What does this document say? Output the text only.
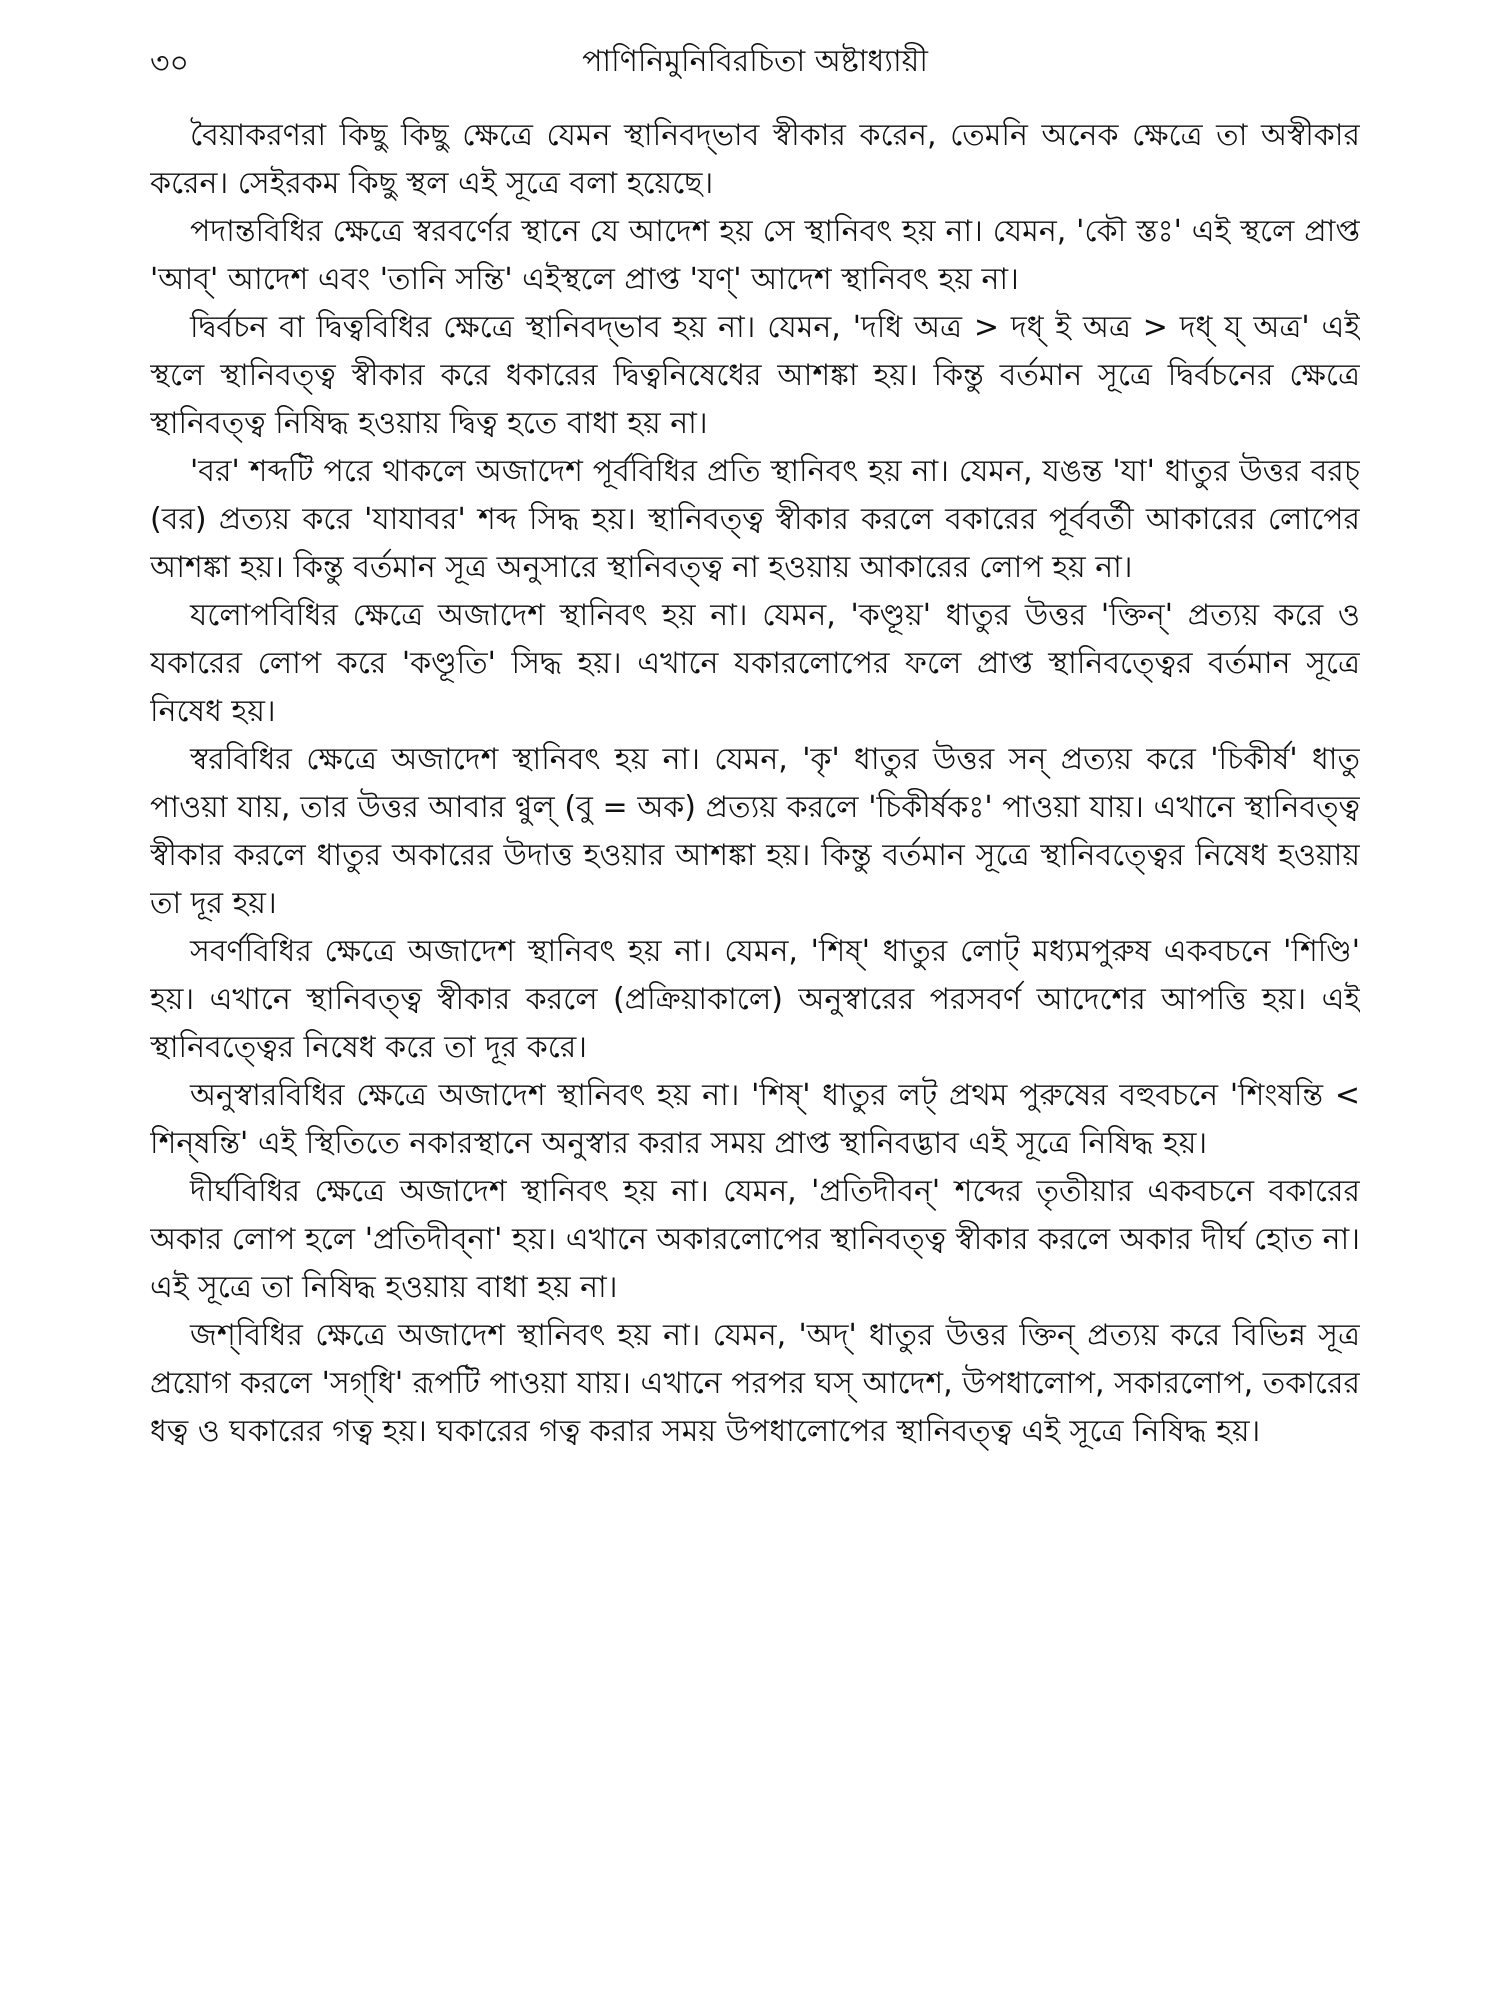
৩০	পাণিনিমুনিবিরচিতা অষ্টাধ্যায়ী

বৈয়াকরণরা কিছু কিছু ক্ষেত্রে যেমন স্থানিবদ্‌ভাব স্বীকার করেন, তেমনি অনেক ক্ষেত্রে তা অস্বীকার করেন। সেইরকম কিছু স্থল এই সূত্রে বলা হয়েছে।

পদান্তবিধির ক্ষেত্রে স্বরবর্ণের স্থানে যে আদেশ হয় সে স্থানিবৎ হয় না। যেমন, 'কৌ স্তঃ' এই স্থলে প্রাপ্ত 'আব্' আদেশ এবং 'তানি সন্তি' এইস্থলে প্রাপ্ত 'যণ্' আদেশ স্থানিবৎ হয় না।

দ্বির্বচন বা দ্বিত্ববিধির ক্ষেত্রে স্থানিবদ্‌ভাব হয় না। যেমন, 'দধি অত্র > দধ্ ই অত্র > দধ্ য্ অত্র' এই স্থলে স্থানিবত্ত্ব স্বীকার করে ধকারের দ্বিত্বনিষেধের আশঙ্কা হয়। কিন্তু বর্তমান সূত্রে দ্বির্বচনের ক্ষেত্রে স্থানিবত্ত্ব নিষিদ্ধ হওয়ায় দ্বিত্ব হতে বাধা হয় না।

'বর' শব্দটি পরে থাকলে অজাদেশ পূর্ববিধির প্রতি স্থানিবৎ হয় না। যেমন, যঙন্ত 'যা' ধাতুর উত্তর বরচ্ (বর) প্রত্যয় করে 'যাযাবর' শব্দ সিদ্ধ হয়। স্থানিবত্ত্ব স্বীকার করলে বকারের পূর্ববর্তী আকারের লোপের আশঙ্কা হয়। কিন্তু বর্তমান সূত্র অনুসারে স্থানিবত্ত্ব না হওয়ায় আকারের লোপ হয় না।

যলোপবিধির ক্ষেত্রে অজাদেশ স্থানিবৎ হয় না। যেমন, 'কণ্ডূয়' ধাতুর উত্তর 'ক্তিন্' প্রত্যয় করে ও যকারের লোপ করে 'কণ্ডূতি' সিদ্ধ হয়। এখানে যকারলোপের ফলে প্রাপ্ত স্থানিবত্ত্বের বর্তমান সূত্রে নিষেধ হয়।

স্বরবিধির ক্ষেত্রে অজাদেশ স্থানিবৎ হয় না। যেমন, 'কৃ' ধাতুর উত্তর সন্ প্রত্যয় করে 'চিকীর্ষ' ধাতু পাওয়া যায়, তার উত্তর আবার ণ্বুল্ (বু = অক) প্রত্যয় করলে 'চিকীর্ষকঃ' পাওয়া যায়। এখানে স্থানিবত্ত্ব স্বীকার করলে ধাতুর অকারের উদাত্ত হওয়ার আশঙ্কা হয়। কিন্তু বর্তমান সূত্রে স্থানিবত্ত্বের নিষেধ হওয়ায় তা দূর হয়।

সবর্ণবিধির ক্ষেত্রে অজাদেশ স্থানিবৎ হয় না। যেমন, 'শিষ্' ধাতুর লোট্ মধ্যমপুরুষ একবচনে 'শিণ্ডি' হয়। এখানে স্থানিবত্ত্ব স্বীকার করলে (প্রক্রিয়াকালে) অনুস্বারের পরসবর্ণ আদেশের আপত্তি হয়। এই স্থানিবত্ত্বের নিষেধ করে তা দূর করে।

অনুস্বারবিধির ক্ষেত্রে অজাদেশ স্থানিবৎ হয় না। 'শিষ্' ধাতুর লট্ প্রথম পুরুষের বহুবচনে 'শিংষন্তি < শিন্‌ষন্তি' এই স্থিতিতে নকারস্থানে অনুস্বার করার সময় প্রাপ্ত স্থানিবদ্ভাব এই সূত্রে নিষিদ্ধ হয়।

দীর্ঘবিধির ক্ষেত্রে অজাদেশ স্থানিবৎ হয় না। যেমন, 'প্রতিদীবন্' শব্দের তৃতীয়ার একবচনে বকারের অকার লোপ হলে 'প্রতিদীব্না' হয়। এখানে অকারলোপের স্থানিবত্ত্ব স্বীকার করলে অকার দীর্ঘ হোত না। এই সূত্রে তা নিষিদ্ধ হওয়ায় বাধা হয় না।

জশ্‌বিধির ক্ষেত্রে অজাদেশ স্থানিবৎ হয় না। যেমন, 'অদ্' ধাতুর উত্তর ক্তিন্ প্রত্যয় করে বিভিন্ন সূত্র প্রয়োগ করলে 'সগ্‌ধি' রূপটি পাওয়া যায়। এখানে পরপর ঘস্ আদেশ, উপধালোপ, সকারলোপ, তকারের ধত্ব ও ঘকারের গত্ব হয়। ঘকারের গত্ব করার সময় উপধালোপের স্থানিবত্ত্ব এই সূত্রে নিষিদ্ধ হয়।
